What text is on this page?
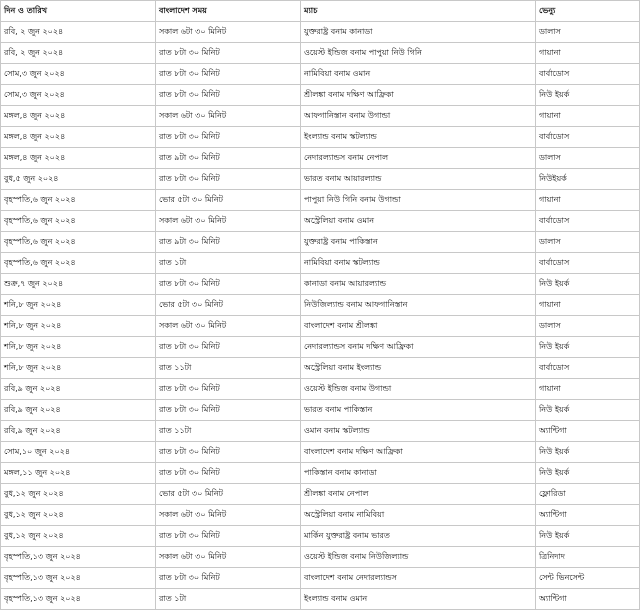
দিন ও তারিখ	বাংলাদেশ সময়	ম্যাচ	ভেন্যু
রবি, ২ জুন ২০২৪	সকাল ৬টা ৩০ মিনিট	যুক্তরাষ্ট্র বনাম কানাডা	ডালাস
রবি, ২ জুন ২০২৪	রাত ৮টা ৩০ মিনিট	ওয়েস্ট ইন্ডিজ বনাম পাপুয়া নিউ গিনি	গায়ানা
সোম,৩ জুন ২০২৪	রাত ৮টা ৩০ মিনিট	নামিবিয়া বনাম ওমান	বার্বাডোস
সোম,৩ জুন ২০২৪	রাত ৮টা ৩০ মিনিট	শ্রীলঙ্কা বনাম দক্ষিণ আফ্রিকা	নিউ ইয়র্ক
মঙ্গল,৪ জুন ২০২৪	সকাল ৬টা ৩০ মিনিট	আফগানিস্তান বনাম উগান্ডা	গায়ানা
মঙ্গল,৪ জুন ২০২৪	রাত ৮টা ৩০ মিনিট	ইংল্যান্ড বনাম স্কটল্যান্ড	বার্বাডোস
মঙ্গল,৪ জুন ২০২৪	রাত ৯টা ৩০ মিনিট	নেদারল্যান্ডস বনাম নেপাল	ডালাস
বুধ,৫ জুন ২০২৪	রাত ৮টা ৩০ মিনিট	ভারত বনাম আয়ারল্যান্ড	নিউইয়র্ক
বৃহস্পতি,৬ জুন ২০২৪	ভোর ৫টা ৩০ মিনিট	পাপুয়া নিউ গিনি বনাম উগান্ডা	গায়ানা
বৃহস্পতি,৬ জুন ২০২৪	সকাল ৬টা ৩০ মিনিট	অস্ট্রেলিয়া বনাম ওমান	বার্বাডোস
বৃহস্পতি,৬ জুন ২০২৪	রাত ৯টা ৩০ মিনিট	যুক্তরাষ্ট্র বনাম পাকিস্তান	ডালাস
বৃহস্পতি,৬ জুন ২০২৪	রাত ১টা	নামিবিয়া বনাম স্কটল্যান্ড	বার্বাডোস
শুক্র,৭ জুন ২০২৪	রাত ৮টা ৩০ মিনিট	কানাডা বনাম আয়ারল্যান্ড	নিউ ইয়র্ক
শনি,৮ জুন ২০২৪	ভোর ৫টা ৩০ মিনিট	নিউজিল্যান্ড বনাম আফগানিস্তান	গায়ানা
শনি,৮ জুন ২০২৪	সকাল ৬টা ৩০ মিনিট	বাংলাদেশ বনাম শ্রীলঙ্কা	ডালাস
শনি,৮ জুন ২০২৪	রাত ৮টা ৩০ মিনিট	নেদারল্যান্ডস বনাম দক্ষিণ আফ্রিকা	নিউ ইয়র্ক
শনি,৮ জুন ২০২৪	রাত ১১টা	অস্ট্রেলিয়া বনাম ইংল্যান্ড	বার্বাডোস
রবি,৯ জুন ২০২৪	রাত ৮টা ৩০ মিনিট	ওয়েস্ট ইন্ডিজ বনাম উগান্ডা	গায়ানা
রবি,৯ জুন ২০২৪	রাত ৮টা ৩০ মিনিট	ভারত বনাম পাকিস্তান	নিউ ইয়র্ক
রবি,৯ জুন ২০২৪	রাত ১১টা	ওমান বনাম স্কটল্যান্ড	অ্যান্টিগা
সোম,১০ জুন ২০২৪	রাত ৮টা ৩০ মিনিট	বাংলাদেশ বনাম দক্ষিণ আফ্রিকা	নিউ ইয়র্ক
মঙ্গল,১১ জুন ২০২৪	রাত ৮টা ৩০ মিনিট	পাকিস্তান বনাম কানাডা	নিউ ইয়র্ক
বুধ,১২ জুন ২০২৪	ভোর ৫টা ৩০ মিনিট	শ্রীলঙ্কা বনাম নেপাল	ফ্লোরিডা
বুধ,১২ জুন ২০২৪	সকাল ৬টা ৩০ মিনিট	অস্ট্রেলিয়া বনাম নামিবিয়া	অ্যান্টিগা
বুধ,১২ জুন ২০২৪	রাত ৮টা ৩০ মিনিট	মার্কিন যুক্তরাষ্ট্র বনাম ভারত	নিউ ইয়র্ক
বৃহস্পতি,১৩ জুন ২০২৪	সকাল ৬টা ৩০ মিনিট	ওয়েস্ট ইন্ডিজ বনাম নিউজিল্যান্ড	ত্রিনিদাদ
বৃহস্পতি,১৩ জুন ২০২৪	রাত ৮টা ৩০ মিনিট	বাংলাদেশ বনাম নেদারল্যান্ডস	সেন্ট ভিনসেন্ট
বৃহস্পতি,১৩ জুন ২০২৪	রাত ১টা	ইংল্যান্ড বনাম ওমান	অ্যান্টিগা
